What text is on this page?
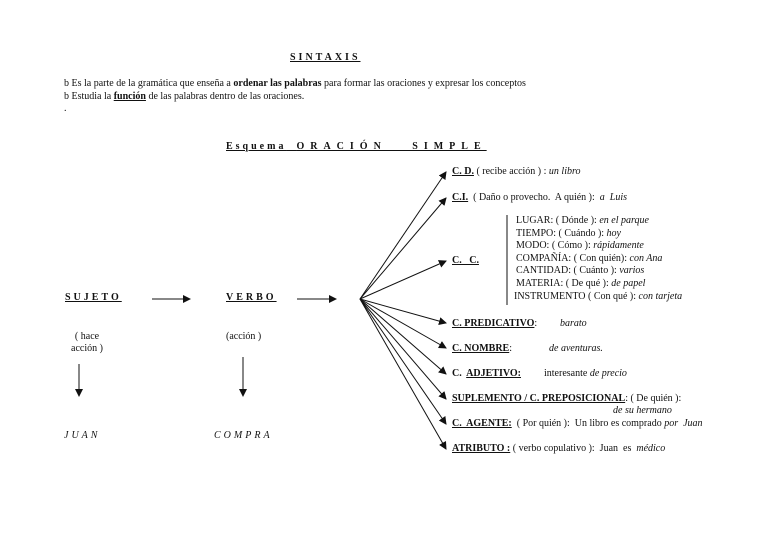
SINTAXIS
b Es la parte de la gramática que enseña a ordenar las palabras para formar las oraciones y expresar los conceptos
b Estudia la función de las palabras dentro de las oraciones.
.
Esquema ORACIÓN   SIMPLE
SUJETO
( hace
acción )
JUAN
VERBO
(acción )
COMPRA
C. D. ( recibe acción ) : un libro
C.I.  ( Daño o provecho.  A quién ):  a  Luis
C.   C.
LUGAR: ( Dónde ): en el parque
TIEMPO: ( Cuándo ): hoy
MODO: ( Cómo ): rápidamente
COMPAÑÍA: ( Con quién): con Ana
CANTIDAD: ( Cuánto ): varios
MATERIA: ( De qué ): de papel
INSTRUMENTO ( Con qué ): con tarjeta
C. PREDICATIVO: barato
C. NOMBRE:	de aventuras.
C.  ADJETIVO: interesante de precio
SUPLEMENTO / C. PREPOSICIONAL: ( De quién ):
de su hermano
C.  AGENTE:  ( Por quién ):  Un libro es comprado por  Juan
ATRIBUTO : ( verbo copulativo ):  Juan  es médico
